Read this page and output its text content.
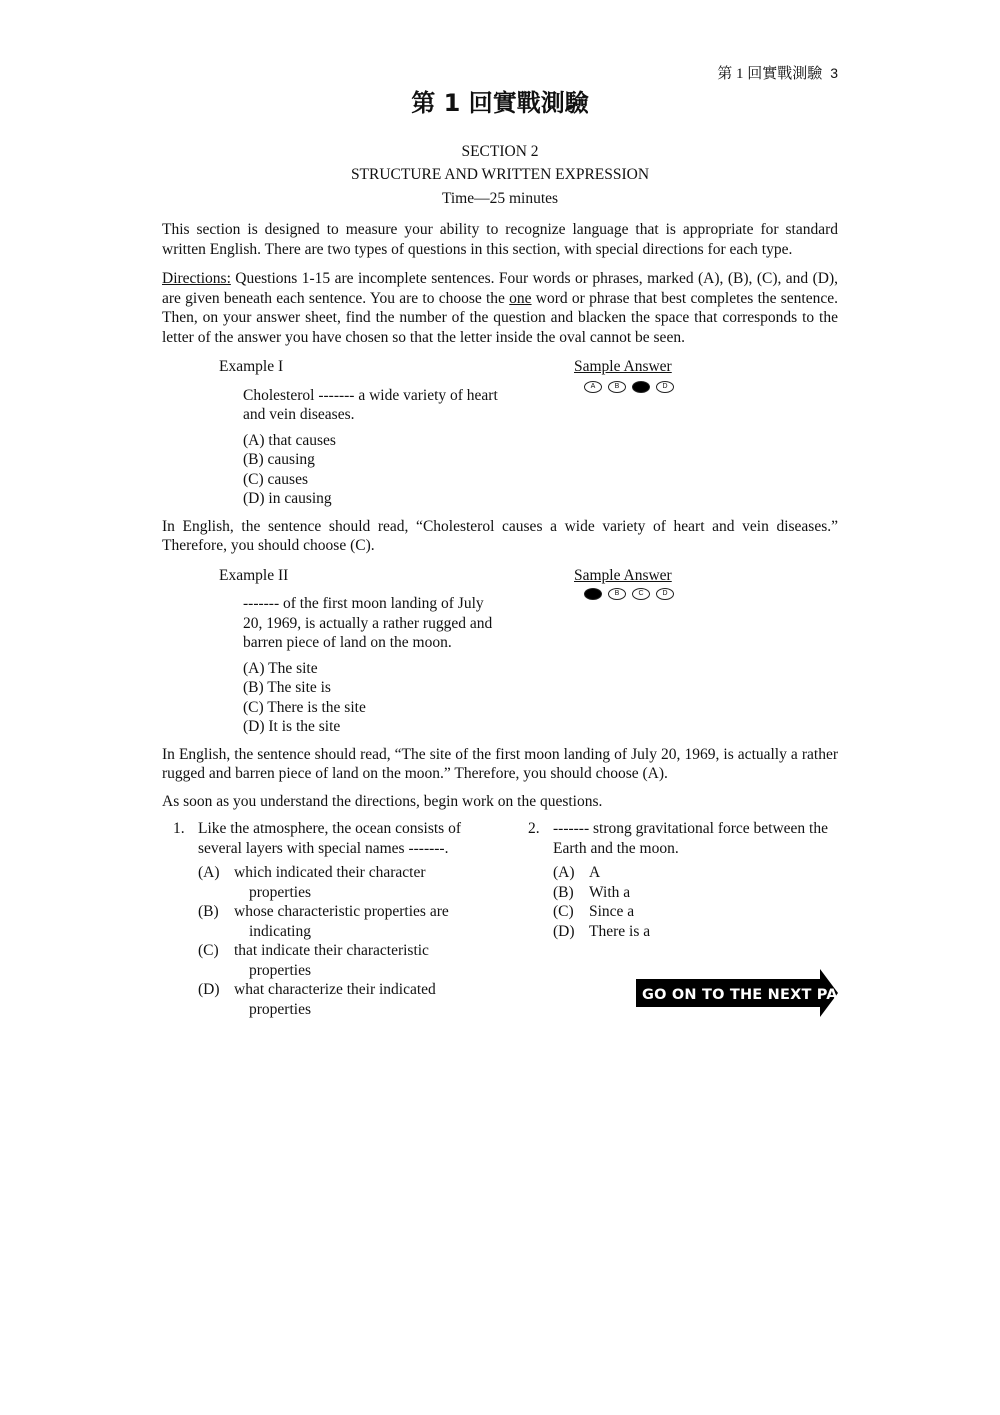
第 1 回實戰測驗 3
第 1 回實戰測驗
SECTION 2
STRUCTURE AND WRITTEN EXPRESSION
Time—25 minutes

This section is designed to measure your ability to recognize language that is appropriate for standard written English. There are two types of questions in this section, with special directions for each type.

Directions: Questions 1-15 are incomplete sentences. Four words or phrases, marked (A), (B), (C), and (D), are given beneath each sentence. You are to choose the one word or phrase that best completes the sentence. Then, on your answer sheet, find the number of the question and blacken the space that corresponds to the letter of the answer you have chosen so that the letter inside the oval cannot be seen.

Example I	Sample Answer
A	B	C	D
Cholesterol ------- a wide variety of heart and vein diseases.
(A) that causes
(B) causing
(C) causes
(D) in causing

In English, the sentence should read, “Cholesterol causes a wide variety of heart and vein diseases.” Therefore, you should choose (C).

Example II	Sample Answer
A	B	C	D
------- of the first moon landing of July 20, 1969, is actually a rather rugged and barren piece of land on the moon.
(A) The site
(B) The site is
(C) There is the site
(D) It is the site

In English, the sentence should read, “The site of the first moon landing of July 20, 1969, is actually a rather rugged and barren piece of land on the moon.” Therefore, you should choose (A).

As soon as you understand the directions, begin work on the questions.

1. Like the atmosphere, the ocean consists of several layers with special names -------.
(A) which indicated their character
properties
(B) whose characteristic properties are
indicating
(C) that indicate their characteristic
properties
(D) what characterize their indicated
properties
2. ------- strong gravitational force between the Earth and the moon.
(A) A
(B) With a
(C) Since a
(D) There is a
GO ON TO THE NEXT PAGE
